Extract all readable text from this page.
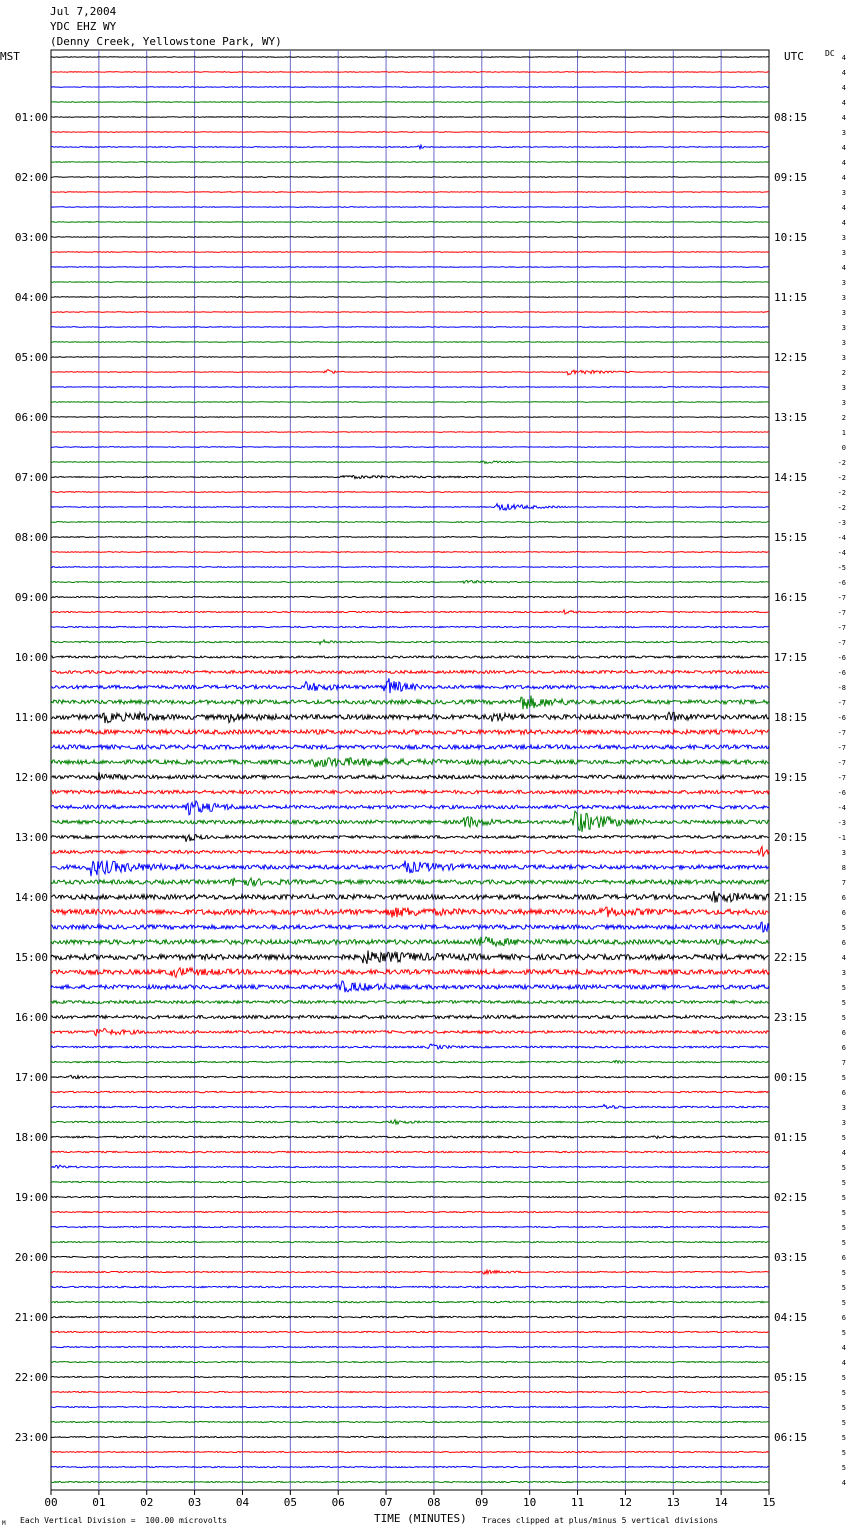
Jul 7,2004
YDC EHZ WY
(Denny Creek, Yellowstone Park, WY)
MST	UTC	DC
00	01	02	03	04	05	06	07	08	09	10	11	12	13	14	15
4
4
4
4
4
3
4
4
4
3
4
4
3
3
4
3
3
3
3
3
3
2
3
3
2
1
0
-2
-2
-2
-2
-3
-4
-4
-5
-6
-7
-7
-7
-7
-6
-6
-8
-7
-6
-7
-7
-7
-7
-6
-4
-3
-1
3
8
7
6
6
5
6
4
3
5
5
5
6
6
7
5
6
3
3
5
4
5
5
5
5
5
5
6
5
5
5
6
5
4
4
5
5
5
5
5
5
5
4
01:00	08:15
02:00	09:15
03:00	10:15
04:00	11:15
05:00	12:15
06:00	13:15
07:00	14:15
08:00	15:15
09:00	16:15
10:00	17:15
11:00	18:15
12:00	19:15
13:00	20:15
14:00	21:15
15:00	22:15
16:00	23:15
17:00	00:15
18:00	01:15
19:00	02:15
20:00	03:15
21:00	04:15
22:00	05:15
23:00	06:15
TIME (MINUTES)
M Each Vertical Division =  100.00 microvolts	Traces clipped at plus/minus 5 vertical divisions
